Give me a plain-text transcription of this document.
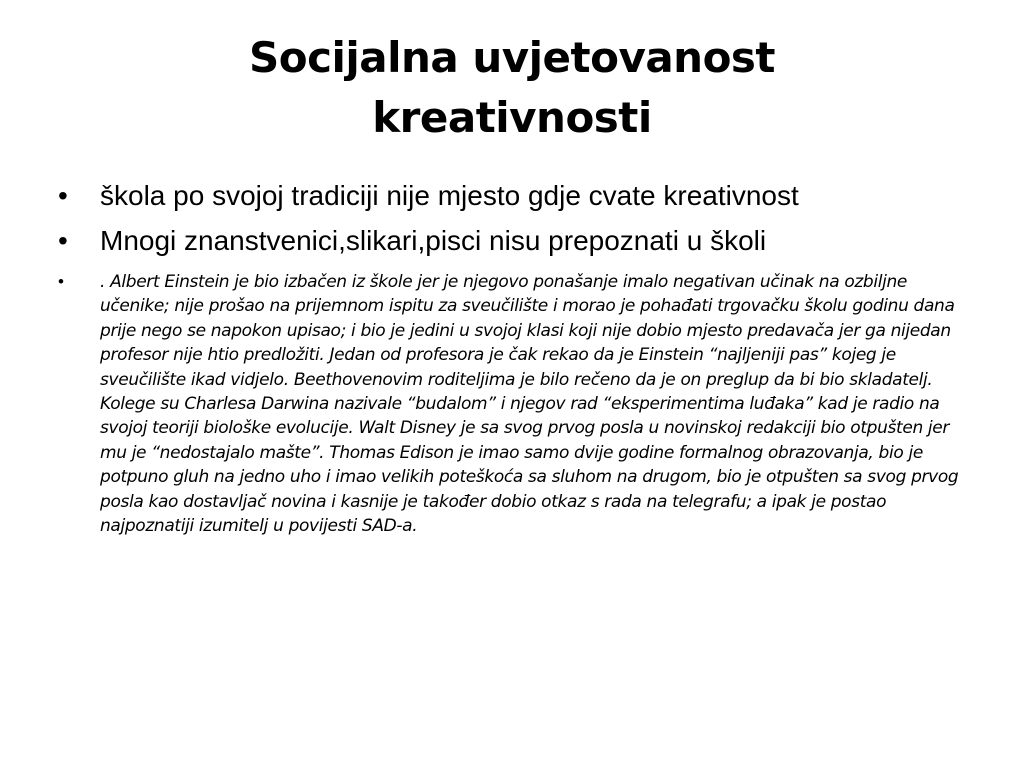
Socijalna uvjetovanost
kreativnosti
• škola po svojoj tradiciji nije mjesto gdje cvate kreativnost
• Mnogi znanstvenici,slikari,pisci nisu prepoznati u školi
• . Albert Einstein je bio izbačen iz škole jer je njegovo ponašanje imalo negativan učinak na ozbiljne učenike; nije prošao na prijemnom ispitu za sveučilište i morao je pohađati trgovačku školu godinu dana prije nego se napokon upisao; i bio je jedini u svojoj klasi koji nije dobio mjesto predavača jer ga nijedan profesor nije htio predložiti. Jedan od profesora je čak rekao da je Einstein “najljeniji pas” kojeg je sveučilište ikad vidjelo. Beethovenovim roditeljima je bilo rečeno da je on preglup da bi bio skladatelj. Kolege su Charlesa Darwina nazivale “budalom” i njegov rad “eksperimentima luđaka” kad je radio na svojoj teoriji biološke evolucije. Walt Disney je sa svog prvog posla u novinskoj redakciji bio otpušten jer mu je “nedostajalo mašte”. Thomas Edison je imao samo dvije godine formalnog obrazovanja, bio je potpuno gluh na jedno uho i imao velikih poteškoća sa sluhom na drugom, bio je otpušten sa svog prvog posla kao dostavljač novina i kasnije je također dobio otkaz s rada na telegrafu; a ipak je postao najpoznatiji izumitelj u povijesti SAD-a.
